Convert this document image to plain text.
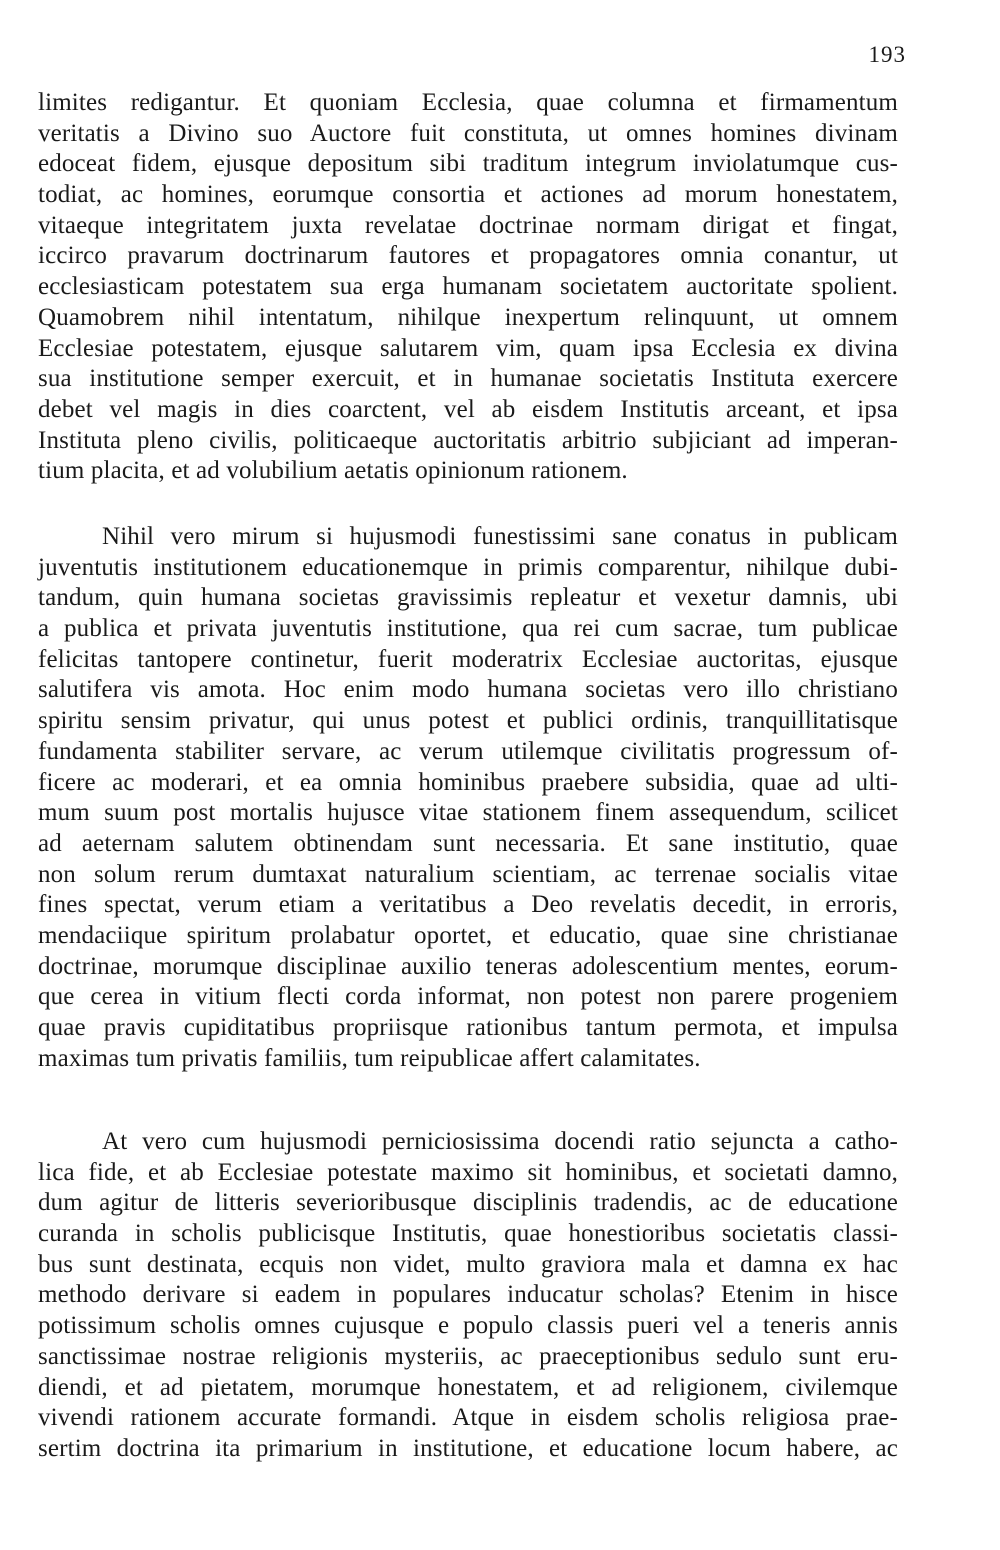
193
limites redigantur. Et quoniam Ecclesia, quae columna et firmamentum
veritatis a Divino suo Auctore fuit constituta, ut omnes homines divinam
edoceat fidem, ejusque depositum sibi traditum integrum inviolatumque cus-
todiat, ac homines, eorumque consortia et actiones ad morum honestatem,
vitaeque integritatem juxta revelatae doctrinae normam dirigat et fingat,
iccirco pravarum doctrinarum fautores et propagatores omnia conantur, ut
ecclesiasticam potestatem sua erga humanam societatem auctoritate spolient.
Quamobrem nihil intentatum, nihilque inexpertum relinquunt, ut omnem
Ecclesiae potestatem, ejusque salutarem vim, quam ipsa Ecclesia ex divina
sua institutione semper exercuit, et in humanae societatis Instituta exercere
debet vel magis in dies coarctent, vel ab eisdem Institutis arceant, et ipsa
Instituta pleno civilis, politicaeque auctoritatis arbitrio subjiciant ad imperan-
tium placita, et ad volubilium aetatis opinionum rationem.
Nihil vero mirum si hujusmodi funestissimi sane conatus in publicam
juventutis institutionem educationemque in primis comparentur, nihilque dubi-
tandum, quin humana societas gravissimis repleatur et vexetur damnis, ubi
a publica et privata juventutis institutione, qua rei cum sacrae, tum publicae
felicitas tantopere continetur, fuerit moderatrix Ecclesiae auctoritas, ejusque
salutifera vis amota. Hoc enim modo humana societas vero illo christiano
spiritu sensim privatur, qui unus potest et publici ordinis, tranquillitatisque
fundamenta stabiliter servare, ac verum utilemque civilitatis progressum of-
ficere ac moderari, et ea omnia hominibus praebere subsidia, quae ad ulti-
mum suum post mortalis hujusce vitae stationem finem assequendum, scilicet
ad aeternam salutem obtinendam sunt necessaria. Et sane institutio, quae
non solum rerum dumtaxat naturalium scientiam, ac terrenae socialis vitae
fines spectat, verum etiam a veritatibus a Deo revelatis decedit, in erroris,
mendaciique spiritum prolabatur oportet, et educatio, quae sine christianae
doctrinae, morumque disciplinae auxilio teneras adolescentium mentes, eorum-
que cerea in vitium flecti corda informat, non potest non parere progeniem
quae pravis cupiditatibus propriisque rationibus tantum permota, et impulsa
maximas tum privatis familiis, tum reipublicae affert calamitates.
At vero cum hujusmodi perniciosissima docendi ratio sejuncta a catho-
lica fide, et ab Ecclesiae potestate maximo sit hominibus, et societati damno,
dum agitur de litteris severioribusque disciplinis tradendis, ac de educatione
curanda in scholis publicisque Institutis, quae honestioribus societatis classi-
bus sunt destinata, ecquis non videt, multo graviora mala et damna ex hac
methodo derivare si eadem in populares inducatur scholas? Etenim in hisce
potissimum scholis omnes cujusque e populo classis pueri vel a teneris annis
sanctissimae nostrae religionis mysteriis, ac praeceptionibus sedulo sunt eru-
diendi, et ad pietatem, morumque honestatem, et ad religionem, civilemque
vivendi rationem accurate formandi. Atque in eisdem scholis religiosa prae-
sertim doctrina ita primarium in institutione, et educatione locum habere, ac
